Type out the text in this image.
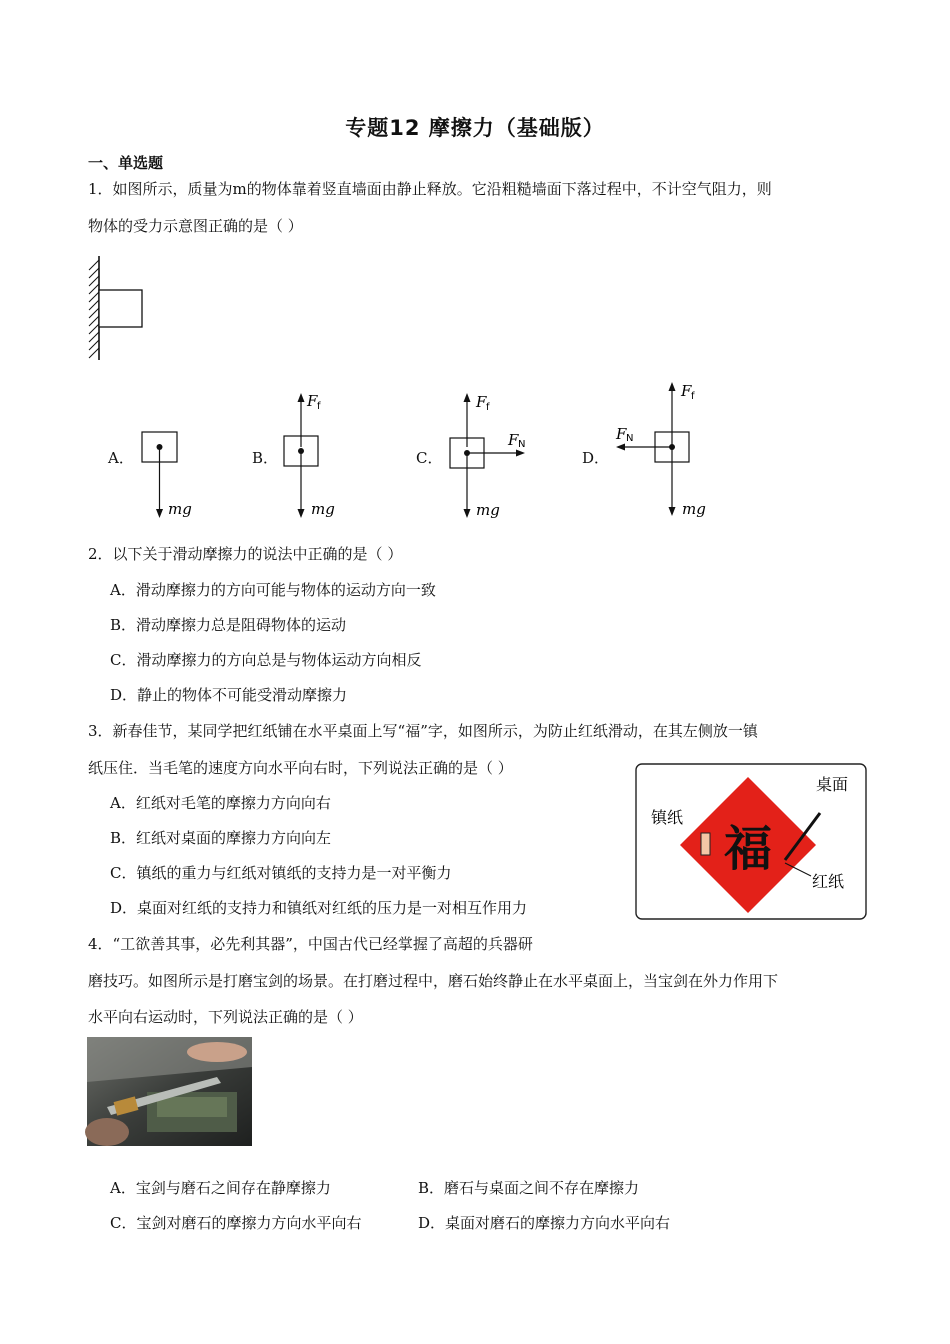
专题12 摩擦力（基础版）
一、单选题
1．如图所示，质量为m的物体靠着竖直墙面由静止释放。它沿粗糙墙面下落过程中，不计空气阻力，则
物体的受力示意图正确的是（ ）
A．
mg
B．
F f
mg
C．
F f
F N
mg
D．
F f
F N
mg
2．以下关于滑动摩擦力的说法中正确的是（ ）
A．滑动摩擦力的方向可能与物体的运动方向一致
B．滑动摩擦力总是阻碍物体的运动
C．滑动摩擦力的方向总是与物体运动方向相反
D．静止的物体不可能受滑动摩擦力
3．新春佳节，某同学把红纸铺在水平桌面上写“福”字，如图所示，为防止红纸滑动，在其左侧放一镇
纸压住．当毛笔的速度方向水平向右时，下列说法正确的是（ ）
A．红纸对毛笔的摩擦力方向向右
B．红纸对桌面的摩擦力方向向左
C．镇纸的重力与红纸对镇纸的支持力是一对平衡力
D．桌面对红纸的支持力和镇纸对红纸的压力是一对相互作用力
福
桌面
镇纸
红纸
4．“工欲善其事，必先利其器”，中国古代已经掌握了高超的兵器研
磨技巧。如图所示是打磨宝剑的场景。在打磨过程中，磨石始终静止在水平桌面上，当宝剑在外力作用下
水平向右运动时，下列说法正确的是（ ）
A．宝剑与磨石之间存在静摩擦力	B．磨石与桌面之间不存在摩擦力
C．宝剑对磨石的摩擦力方向水平向右	D．桌面对磨石的摩擦力方向水平向右
